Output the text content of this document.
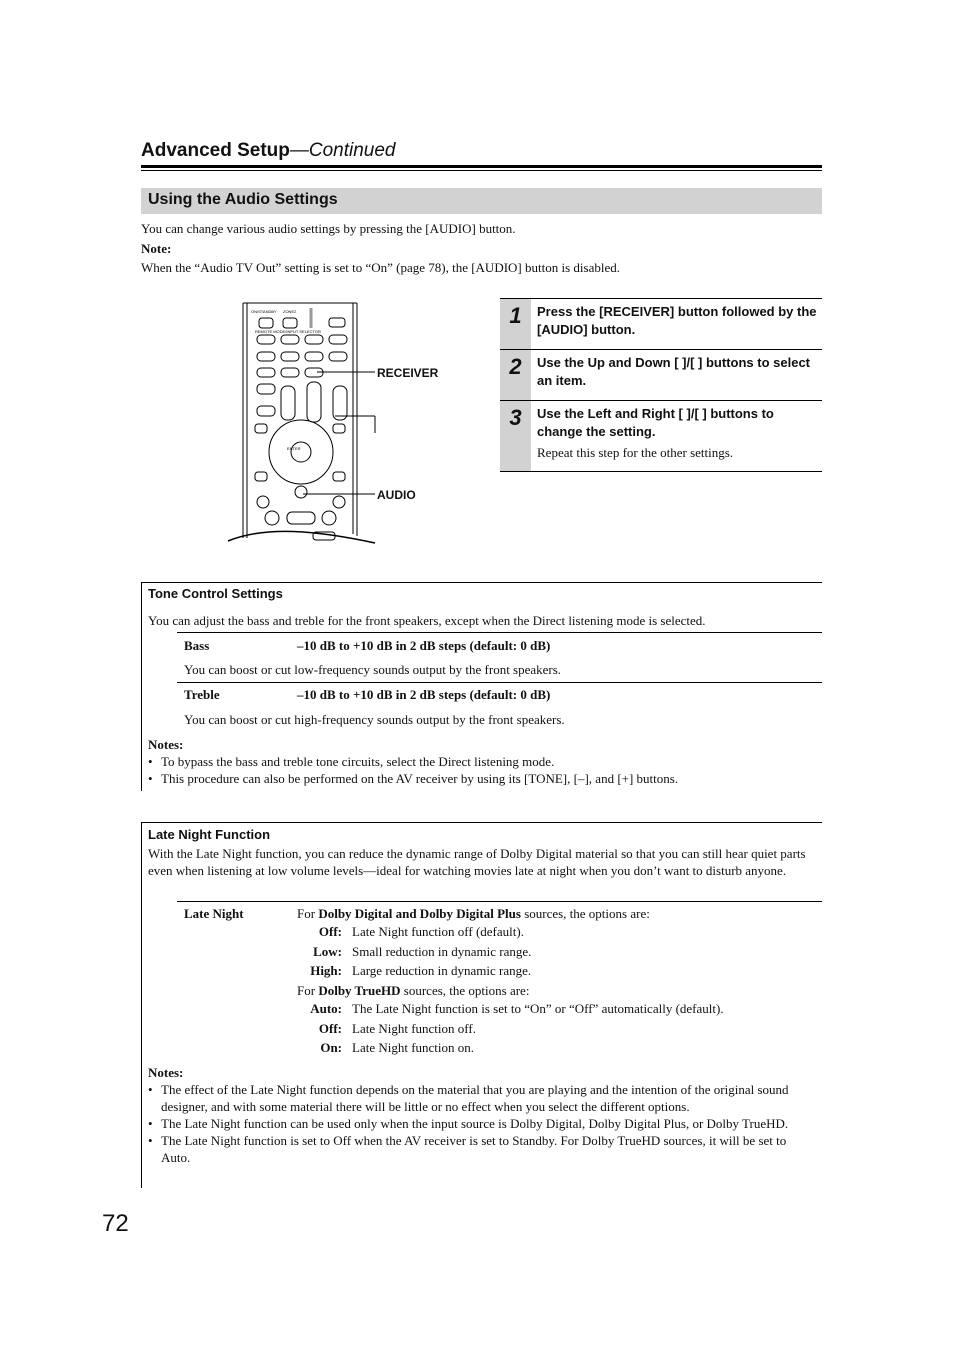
Advanced Setup—Continued
Using the Audio Settings
You can change various audio settings by pressing the [AUDIO] button.
Note:
When the “Audio TV Out” setting is set to “On” (page 78), the [AUDIO] button is disabled.
ON/STANDBY ZONE2
REMOTE MODE/INPUT SELECTOR
ENTER
RECEIVER
AUDIO
1	Press the [RECEIVER] button followed by the [AUDIO] button.
2	Use the Up and Down [ ]/[ ] buttons to select an item.
3	Use the Left and Right [ ]/[ ] buttons to change the setting.
Repeat this step for the other settings.
Tone Control Settings
You can adjust the bass and treble for the front speakers, except when the Direct listening mode is selected.
Bass	–10 dB to +10 dB in 2 dB steps (default: 0 dB)
You can boost or cut low-frequency sounds output by the front speakers.
Treble	–10 dB to +10 dB in 2 dB steps (default: 0 dB)
You can boost or cut high-frequency sounds output by the front speakers.
Notes:
• To bypass the bass and treble tone circuits, select the Direct listening mode.
• This procedure can also be performed on the AV receiver by using its [TONE], [–], and [+] buttons.
Late Night Function
With the Late Night function, you can reduce the dynamic range of Dolby Digital material so that you can still hear quiet parts even when listening at low volume levels—ideal for watching movies late at night when you don’t want to disturb anyone.
Late Night	For Dolby Digital and Dolby Digital Plus sources, the options are:
Off: Late Night function off (default).
Low: Small reduction in dynamic range.
High: Large reduction in dynamic range.
For Dolby TrueHD sources, the options are:
Auto: The Late Night function is set to “On” or “Off” automatically (default).
Off: Late Night function off.
On: Late Night function on.
Notes:
• The effect of the Late Night function depends on the material that you are playing and the intention of the original sound designer, and with some material there will be little or no effect when you select the different options.
• The Late Night function can be used only when the input source is Dolby Digital, Dolby Digital Plus, or Dolby TrueHD.
• The Late Night function is set to Off when the AV receiver is set to Standby. For Dolby TrueHD sources, it will be set to Auto.
72
